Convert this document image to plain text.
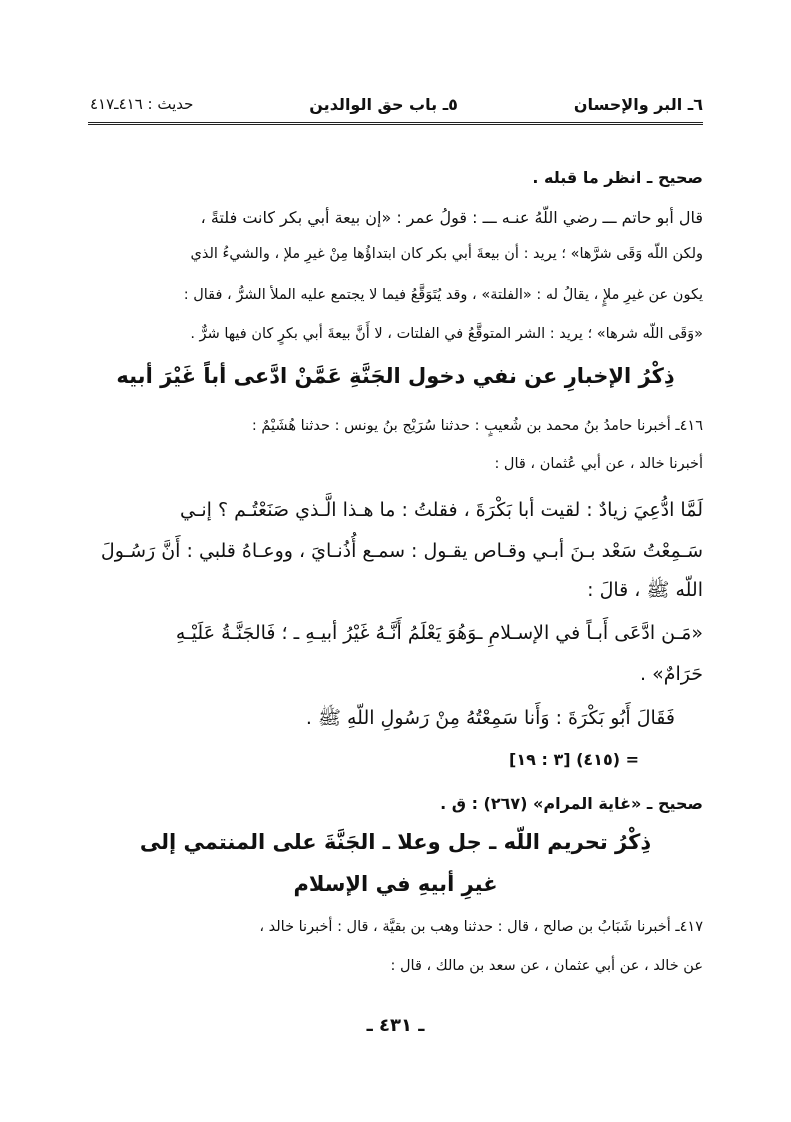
٦ـ البر والإحسان
٥ـ باب حق الوالدين
حديث : ٤١٦ـ٤١٧
صحيح ـ انظر ما قبله .
قال أبو حاتم ـــ رضي اللّهُ عنـه ـــ : قولُ عمر : «إن بيعة أبي بكر كانت فلتةً ،
ولكن اللّه وَقَى شرَّها» ؛ يريد : أن بيعةَ أبي بكر كان ابتداؤُها مِنْ غيرِ ملإ ، والشيءُ الذي
يكون عن غيرِ ملإٍ ، يقالُ له : «الفلتة» ، وقد يُتَوَقَّعُ فيما لا يجتمع عليه الملأ الشرُّ ، فقال :
«وَقَى اللّه شرها» ؛ يريد : الشر المتوقَّعُ في الفلتات ، لا أَنَّ بيعةَ أبي بكرٍ كان فيها شرٌّ .
ذِكْرُ الإخبارِ عن نفي دخول الجَنَّةِ عَمَّنْ ادَّعى أباً غَيْرَ أبيه
٤١٦ـ أخبرنا حامدُ بنُ محمد بن شُعيبٍ : حدثنا سُرَيْج بنُ يونس : حدثنا هُشَيْمٌ :
أخبرنا خالد ، عن أبي عُثمان ، قال :
لَمَّا ادُّعِيَ زيادٌ : لقيت أبا بَكْرَةَ ، فقلتُ : ما هـذا الَّـذي صَنَعْتُـم ؟ إنـي
سَـمِعْتُ سَعْد بـنَ أبـي وقـاص يقـول : سمـع أُذُنـايَ ، ووعـاهُ قلبي : أَنَّ رَسُـولَ
اللّه ﷺ ، قالَ :
«مَـن ادَّعَى أَبـاً في الإسـلامِ ـوَهُوَ يَعْلَمُ أَنَّـهُ غَيْرُ أبيـهِ ـ ؛ فَالجَنَّـةُ عَلَيْـهِ
حَرَامٌ» .
فَقَالَ أَبُو بَكْرَةَ : وَأَنا سَمِعْتُهُ مِنْ رَسُولِ اللّهِ ﷺ .
= (٤١٥) [٣ : ١٩]
صحيح ـ «غاية المرام» (٢٦٧) : ق .
ذِكْرُ تحريم اللّه ـ جل وعلا ـ الجَنَّةَ على المنتمي إلى
غيرِ أبيهِ في الإسلام
٤١٧ـ أخبرنا شَبَابُ بن صالح ، قال : حدثنا وهب بن بقيَّة ، قال : أخبرنا خالد ،
عن خالد ، عن أبي عثمان ، عن سعد بن مالك ، قال :
ـ ٤٣١ ـ
